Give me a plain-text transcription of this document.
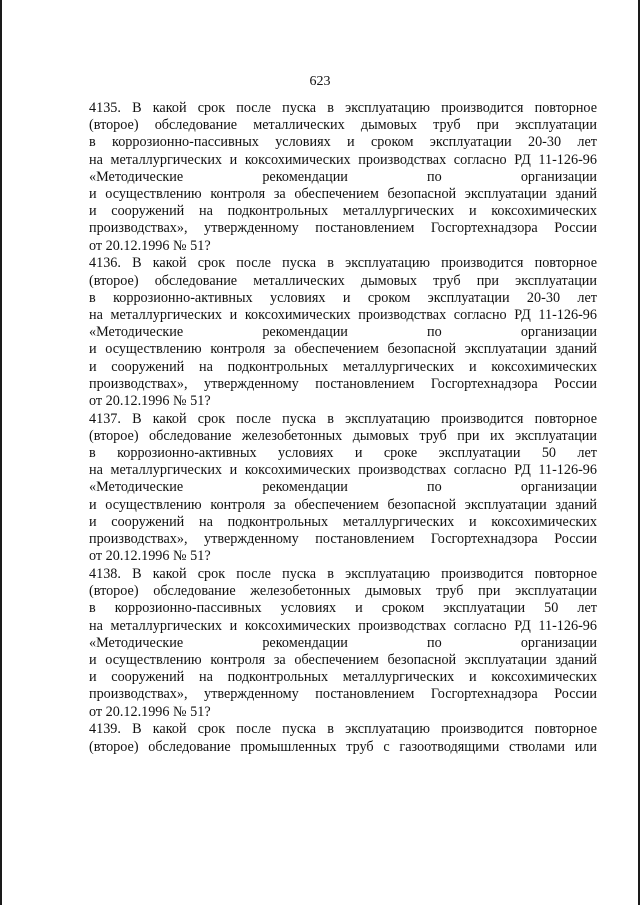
623
4135. В какой срок после пуска в эксплуатацию производится повторное
(второе) обследование металлических дымовых труб при эксплуатации
в коррозионно-пассивных условиях и сроком эксплуатации 20-30 лет
на металлургических и коксохимических производствах согласно РД 11-126-96
«Методические рекомендации по организации
и осуществлению контроля за обеспечением безопасной эксплуатации зданий
и сооружений на подконтрольных металлургических и коксохимических
производствах», утвержденному постановлением Госгортехнадзора России
от 20.12.1996 № 51?
4136. В какой срок после пуска в эксплуатацию производится повторное
(второе) обследование металлических дымовых труб при эксплуатации
в коррозионно-активных условиях и сроком эксплуатации 20-30 лет
на металлургических и коксохимических производствах согласно РД 11-126-96
«Методические рекомендации по организации
и осуществлению контроля за обеспечением безопасной эксплуатации зданий
и сооружений на подконтрольных металлургических и коксохимических
производствах», утвержденному постановлением Госгортехнадзора России
от 20.12.1996 № 51?
4137. В какой срок после пуска в эксплуатацию производится повторное
(второе) обследование железобетонных дымовых труб при их эксплуатации
в коррозионно-активных условиях и сроке эксплуатации 50 лет
на металлургических и коксохимических производствах согласно РД 11-126-96
«Методические рекомендации по организации
и осуществлению контроля за обеспечением безопасной эксплуатации зданий
и сооружений на подконтрольных металлургических и коксохимических
производствах», утвержденному постановлением Госгортехнадзора России
от 20.12.1996 № 51?
4138. В какой срок после пуска в эксплуатацию производится повторное
(второе) обследование железобетонных дымовых труб при эксплуатации
в коррозионно-пассивных условиях и сроком эксплуатации 50 лет
на металлургических и коксохимических производствах согласно РД 11-126-96
«Методические рекомендации по организации
и осуществлению контроля за обеспечением безопасной эксплуатации зданий
и сооружений на подконтрольных металлургических и коксохимических
производствах», утвержденному постановлением Госгортехнадзора России
от 20.12.1996 № 51?
4139. В какой срок после пуска в эксплуатацию производится повторное
(второе) обследование промышленных труб с газоотводящими стволами или
